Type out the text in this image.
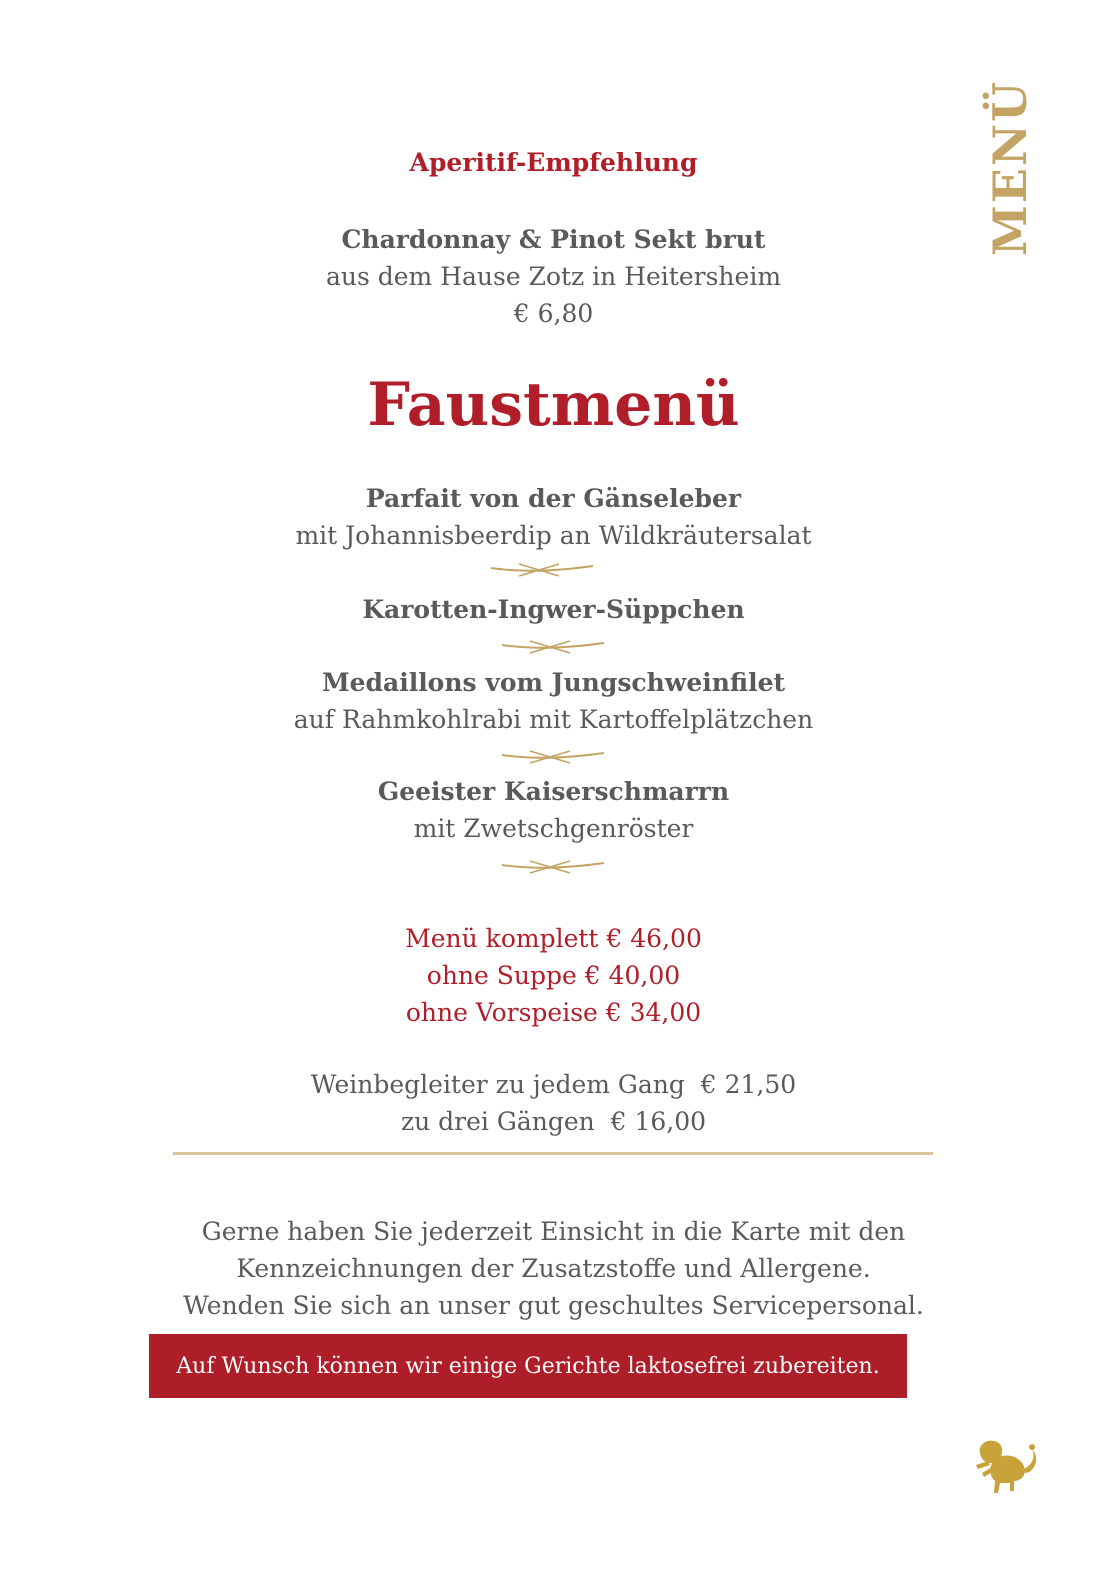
MENÜ
Aperitif-Empfehlung
Chardonnay & Pinot Sekt brut
aus dem Hause Zotz in Heitersheim
€ 6,80
Faustmenü
Parfait von der Gänseleber
mit Johannisbeerdip an Wildkräutersalat
Karotten-Ingwer-Süppchen
Medaillons vom Jungschweinfilet
auf Rahmkohlrabi mit Kartoffelplätzchen
Geeister Kaiserschmarrn
mit Zwetschgenröster
Menü komplett € 46,00
ohne Suppe € 40,00
ohne Vorspeise € 34,00
Weinbegleiter zu jedem Gang  € 21,50
zu drei Gängen  € 16,00
Gerne haben Sie jederzeit Einsicht in die Karte mit den
Kennzeichnungen der Zusatzstoffe und Allergene.
Wenden Sie sich an unser gut geschultes Servicepersonal.
Auf Wunsch können wir einige Gerichte laktosefrei zubereiten.
